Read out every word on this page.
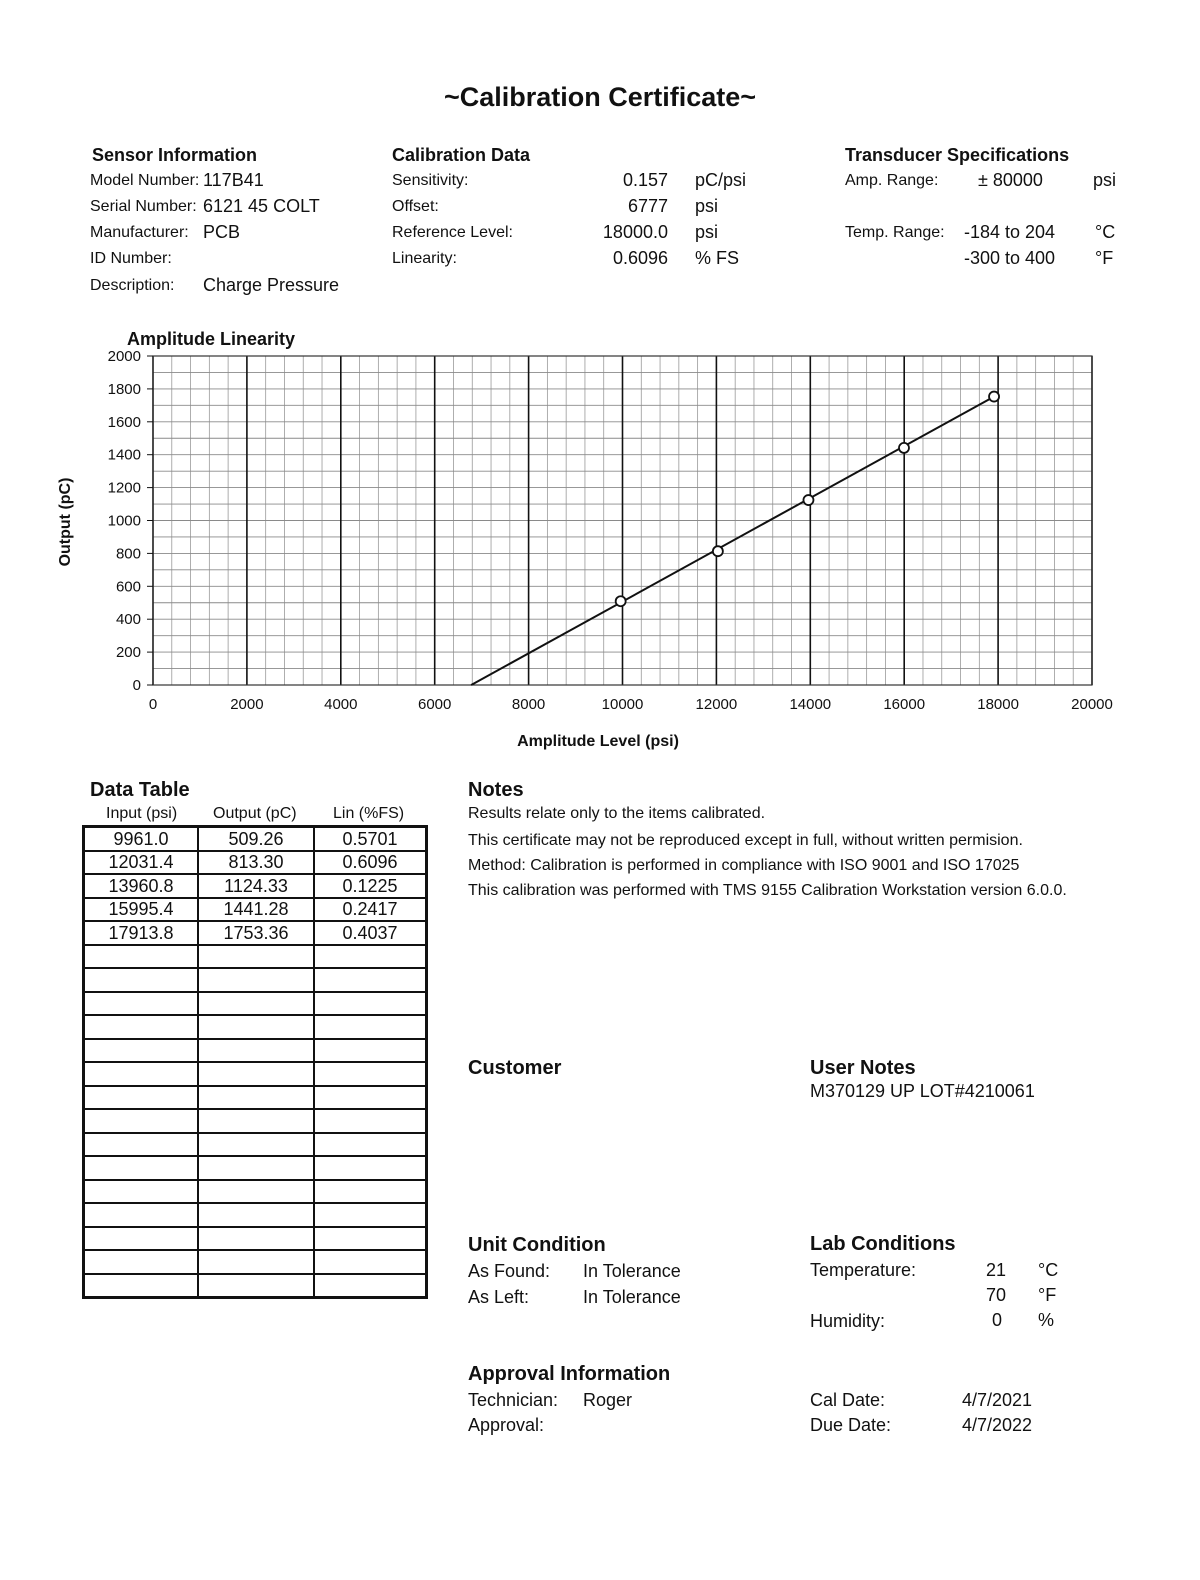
~Calibration Certificate~
Sensor Information
Model Number: 117B41
Serial Number: 6121 45 COLT
Manufacturer: PCB
ID Number:
Description: Charge Pressure
Calibration Data
Sensitivity:	0.157 pC/psi
Offset:	6777 psi
Reference Level:	18000.0 psi
Linearity:	0.6096 % FS
Transducer Specifications
Amp. Range: ± 80000	psi
Temp. Range: -184 to 204 °C
-300 to 400 °F
Amplitude Linearity
Output (pC)
Amplitude Level (psi)
0
200
400
600
800
1000
1200
1400
1600
1800
2000
0	2000	4000	6000	8000	10000	12000	14000	16000	18000	20000
Data Table
Input (psi) Output (pC) Lin (%FS)
9961.0	509.26	0.5701
12031.4	813.30	0.6096
13960.8	1124.33	0.1225
15995.4	1441.28	0.2417
17913.8	1753.36	0.4037

Notes
Results relate only to the items calibrated.
This certificate may not be reproduced except in full, without written permision.
Method: Calibration is performed in compliance with ISO 9001 and ISO 17025
This calibration was performed with TMS 9155 Calibration Workstation version 6.0.0.
Customer	User Notes
M370129 UP LOT#4210061
Unit Condition
As Found: In Tolerance
As Left:	In Tolerance
Lab Conditions
Temperature:	21 °C
70 °F
Humidity:	0 %
Approval Information
Technician: Roger
Approval:
Cal Date:	4/7/2021
Due Date:	4/7/2022
